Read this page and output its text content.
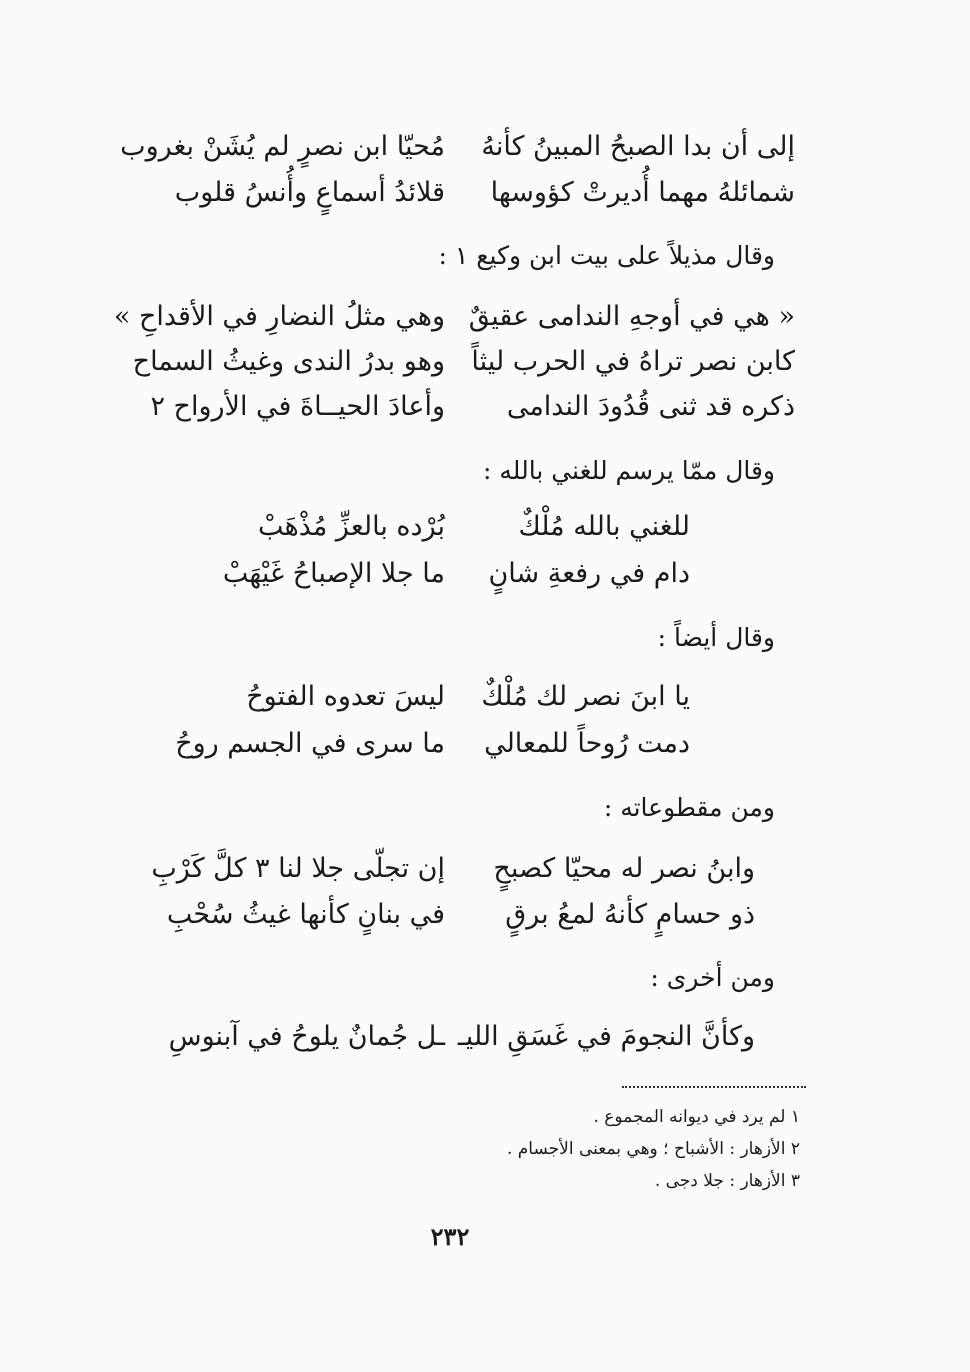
إلى أن بدا الصبحُ المبينُ كأنهُ
مُحيّا ابن نصرٍ لم يُشَنْ بغروب
شمائلهُ مهما أُديرتْ كؤوسها
قلائدُ أسماعٍ وأُنسُ قلوب
وقال مذيلاً على بيت ابن وكيع ١ :
« هي في أوجهِ الندامى عقيقٌ
وهي مثلُ النضارِ في الأقداحِ »
كابن نصر تراهُ في الحرب ليثاً
وهو بدرُ الندى وغيثُ السماح
ذكره قد ثنى قُدُودَ الندامى
وأعادَ الحيــاةَ في الأرواح ٢
وقال ممّا يرسم للغني بالله :
للغني بالله مُلْكٌ
بُرْده بالعزِّ مُذْهَبْ
دام في رفعةِ شانٍ
ما جلا الإصباحُ غَيْهَبْ
وقال أيضاً :
يا ابنَ نصر لك مُلْكٌ
ليسَ تعدوه الفتوحُ
دمت رُوحاً للمعالي
ما سرى في الجسم روحُ
ومن مقطوعاته :
وابنُ نصر له محيّا كصبحٍ
إن تجلّى جلا لنا ٣ كلَّ كَرْبِ
ذو حسامٍ كأنهُ لمعُ برقٍ
في بنانٍ كأنها غيثُ سُحْبِ
ومن أخرى :
وكأنَّ النجومَ في غَسَقِ الليـ
ـل جُمانٌ يلوحُ في آبنوسِ
١ لم يرد في ديوانه المجموع .
٢ الأزهار : الأشباح ؛ وهي بمعنى الأجسام .
٣ الأزهار : جلا دجى .
٢٣٢
